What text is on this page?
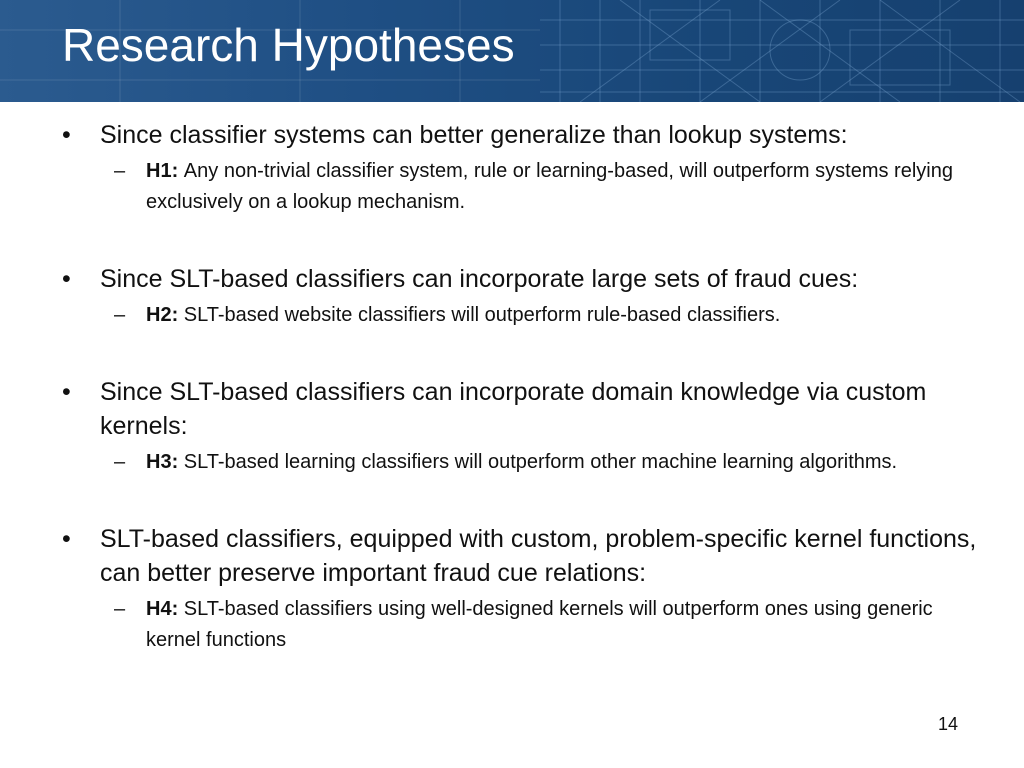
Research Hypotheses
•	Since classifier systems can better generalize than lookup systems:
– H1: Any non-trivial classifier system, rule or learning-based, will outperform systems relying exclusively on a lookup mechanism.
•	Since SLT-based classifiers can incorporate large sets of fraud cues:
– H2: SLT-based website classifiers will outperform rule-based classifiers.
•	Since SLT-based classifiers can incorporate domain knowledge via custom kernels:
– H3: SLT-based learning classifiers will outperform other machine learning algorithms.
•	SLT-based classifiers, equipped with custom, problem-specific kernel functions, can better preserve important fraud cue relations:
– H4: SLT-based classifiers using well-designed kernels will outperform ones using generic kernel functions
14
